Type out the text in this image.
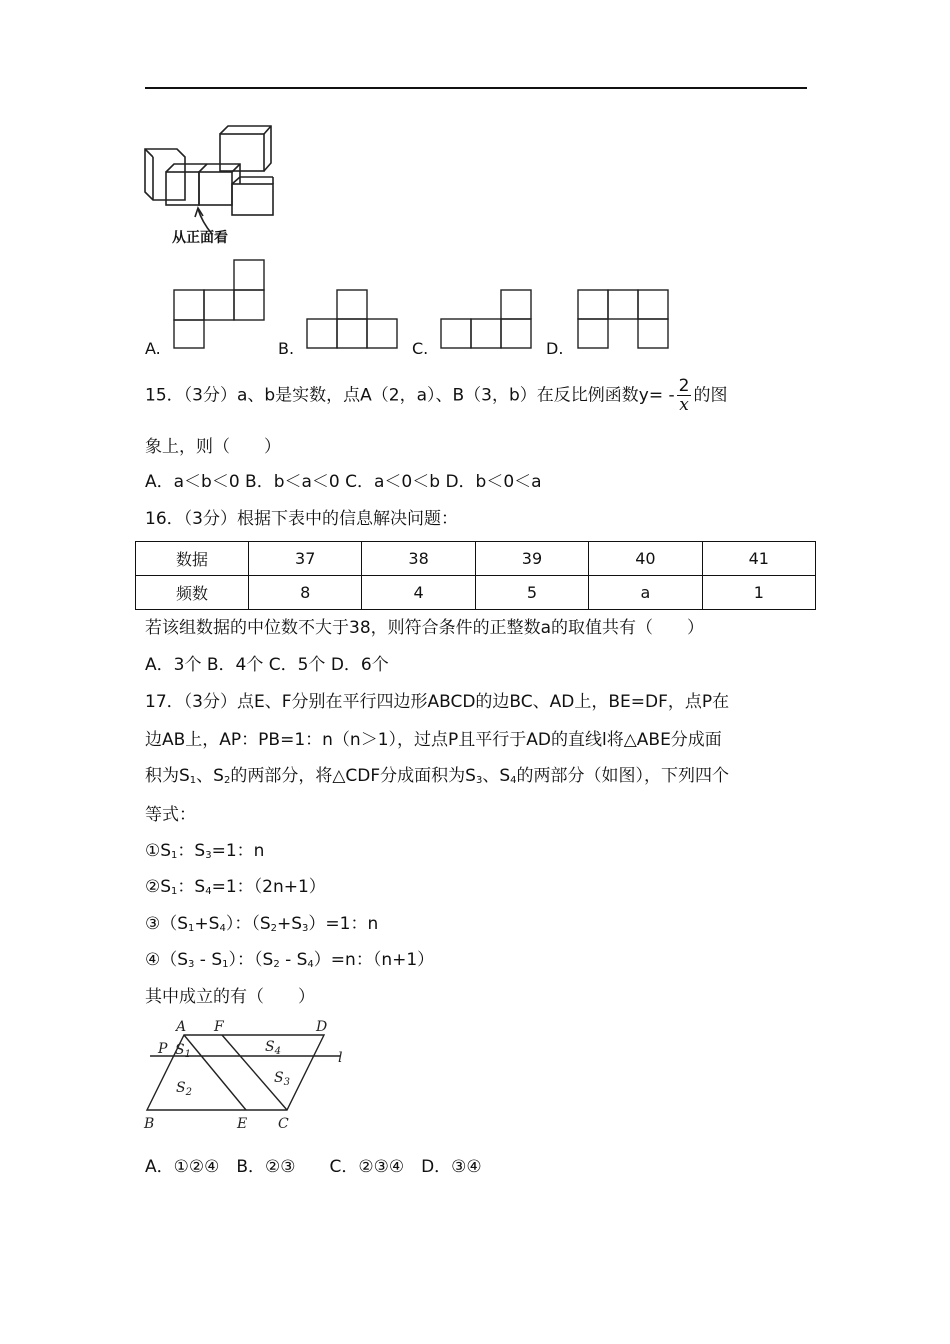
从正面看
A.	B.	C.	D.
15．（3分）a、b是实数，点A（2，a）、B（3，b）在反比例函数$y= - \frac{2}{x}$ 的图
象上，则（　　）
A．a＜b＜0 B．b＜a＜0 C．a＜0＜b D．b＜0＜a
16．（3分）根据下表中的信息解决问题：
数据	37	38	39	40	41
频数	8	4	5	a	1
若该组数据的中位数不大于38，则符合条件的正整数a的取值共有（　　）
A．3个 B．4个 C．5个 D．6个
17．（3分）点E、F分别在平行四边形ABCD的边BC、AD上，BE=DF，点P在
边AB上，AP：PB=1：n（n＞1），过点P且平行于AD的直线l将△ABE分成面
积为$S_1$、$S_2$的两部分，将△CDF分成面积为$S_3$、$S_4$的两部分（如图），下列四个
等式：
$①S_1$：$S_3=1$：n
$②S_1$：$S_4=1$：（2n+1）
$③(S_1+S_4)$：$(S_2+S_3)=1$：n
$④(S_3 - S_1)$：$(S_2 - S_4)=n$：（n+1）
其中成立的有（　　）
A F	D
P
l
$S_1$	$S_4$
$S_2$
$S_3$
B	E C
A．①②④　B．②③　　C．②③④　D．③④
